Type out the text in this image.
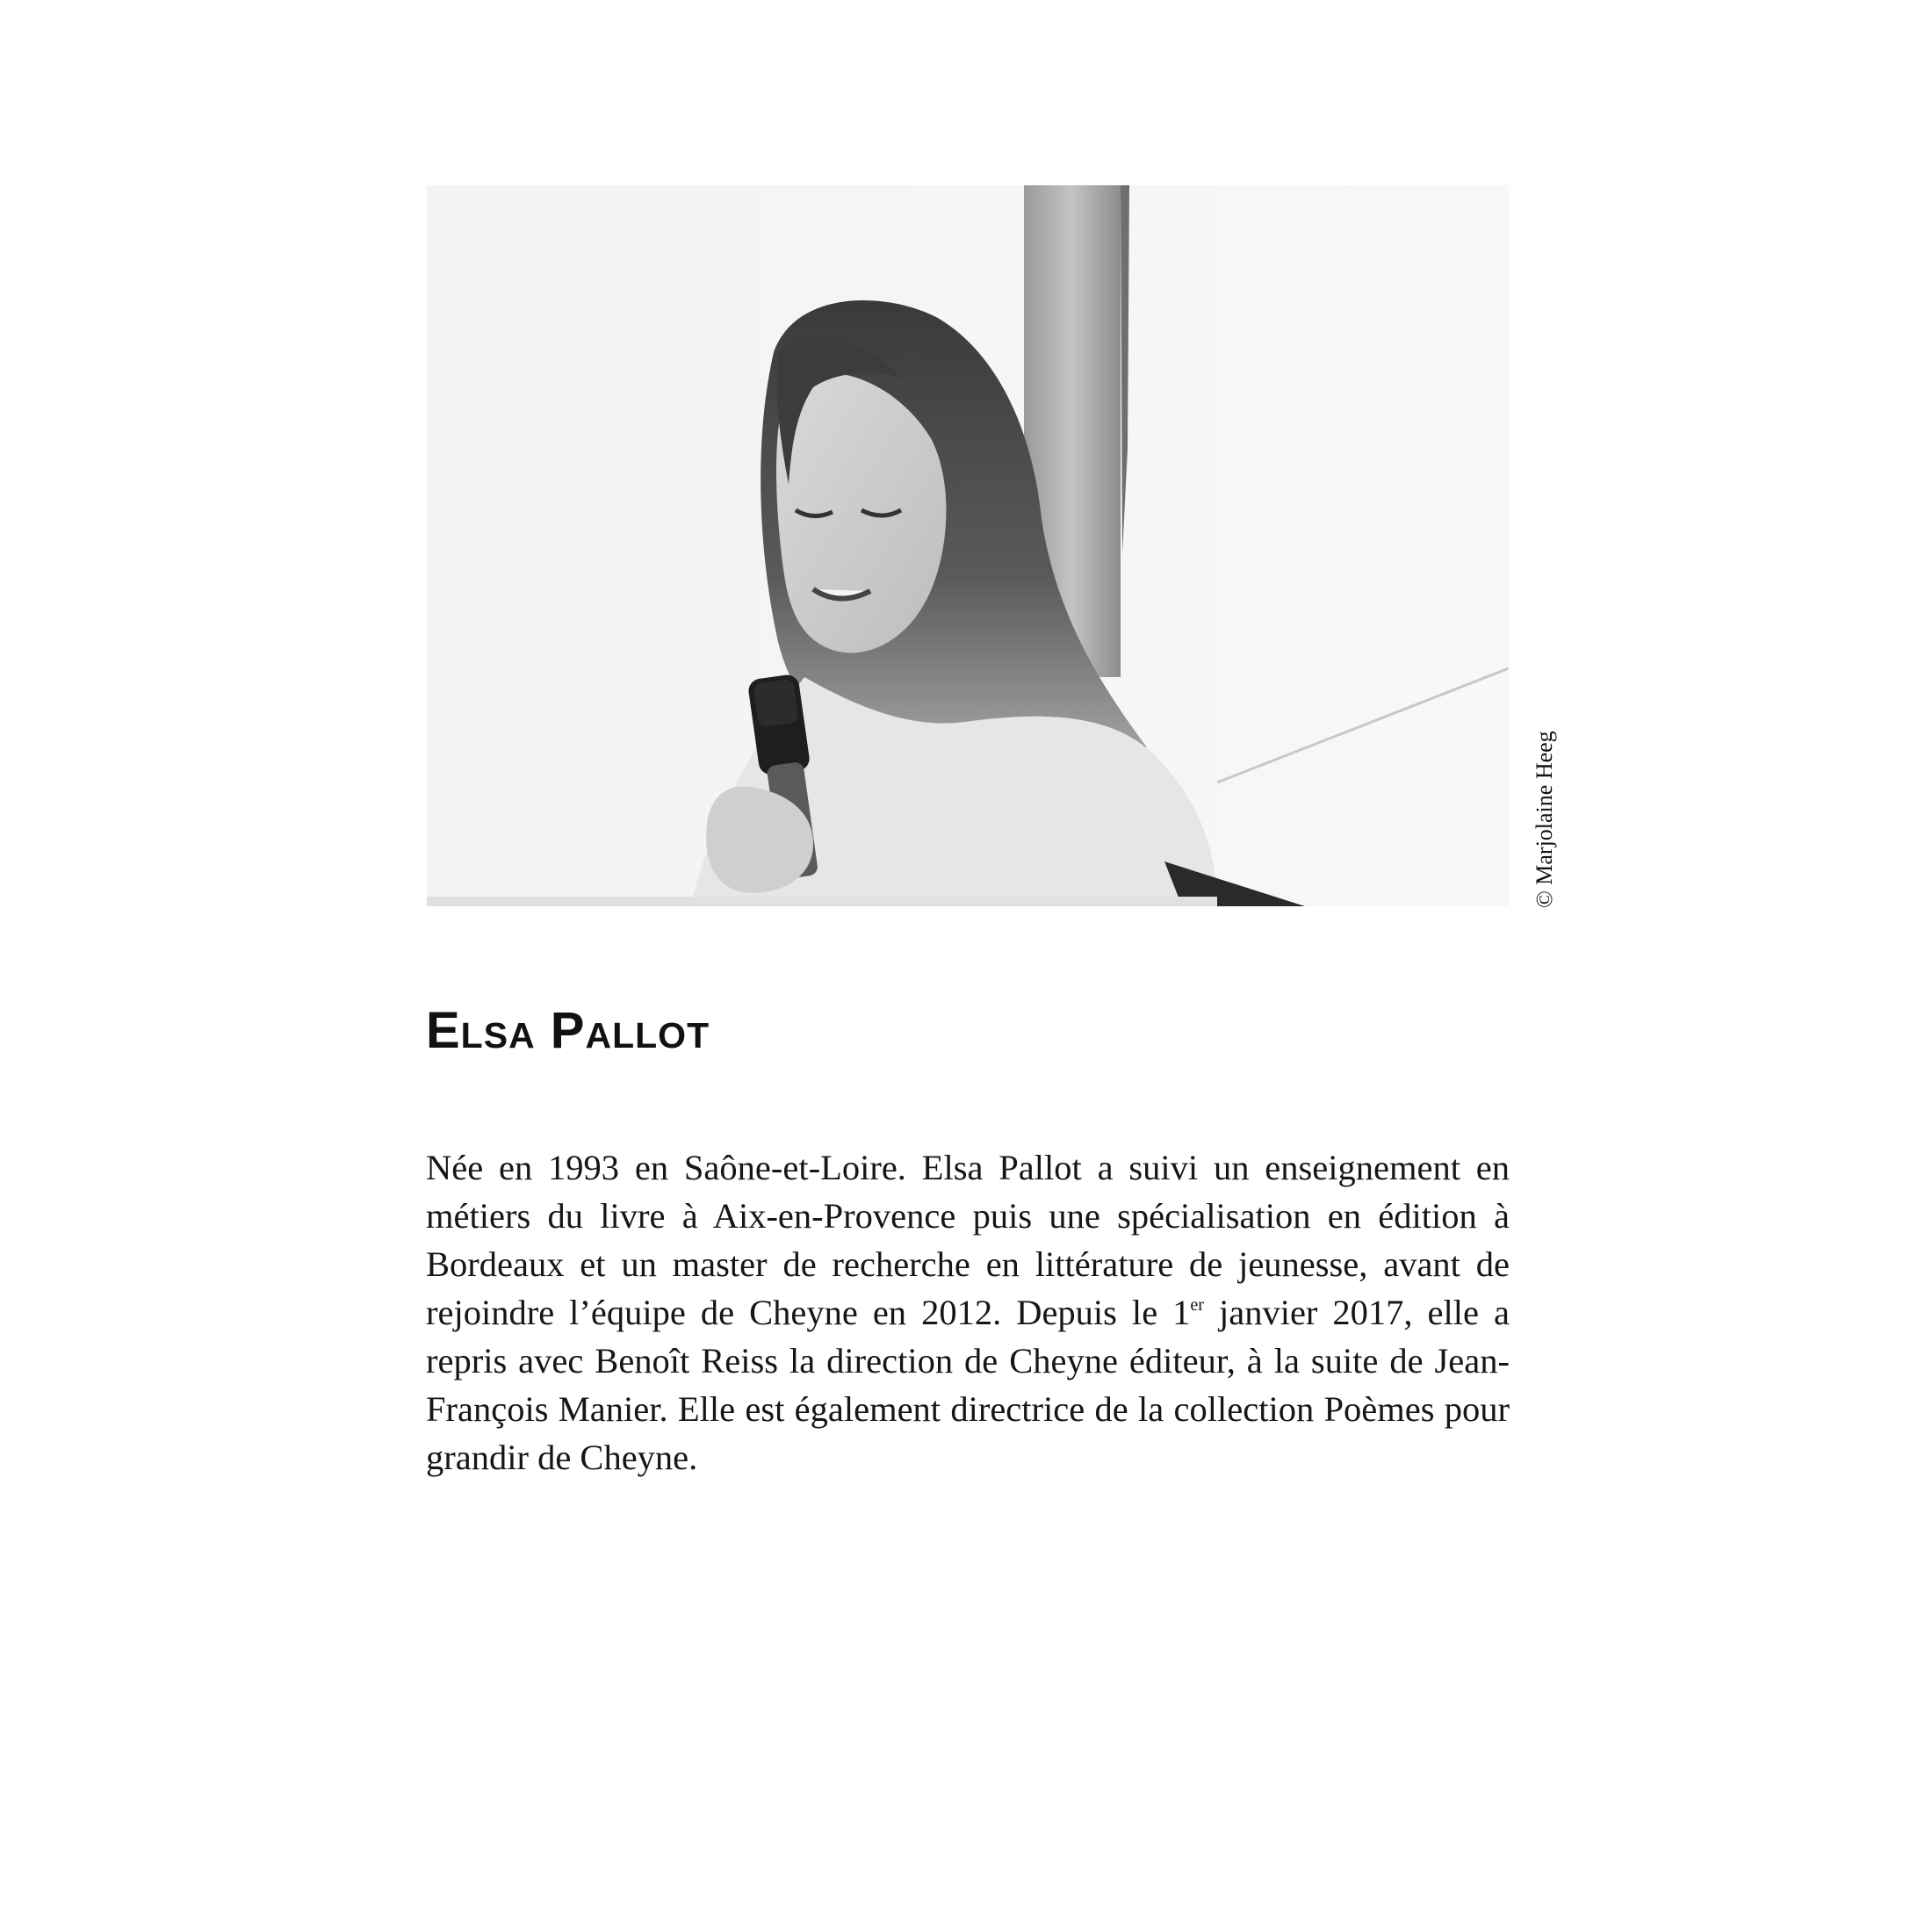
© Marjolaine Heeg
Elsa Pallot

Née en 1993 en Saône-et-Loire. Elsa Pallot a suivi un enseignement en métiers du livre à Aix-en-Provence puis une spécialisation en édition à Bordeaux et un master de recherche en littérature de jeunesse, avant de rejoindre l’équipe de Cheyne en 2012. Depuis le 1er janvier 2017, elle a repris avec Benoît Reiss la direction de Cheyne éditeur, à la suite de Jean-François Manier. Elle est également directrice de la collection Poèmes pour grandir de Cheyne.
